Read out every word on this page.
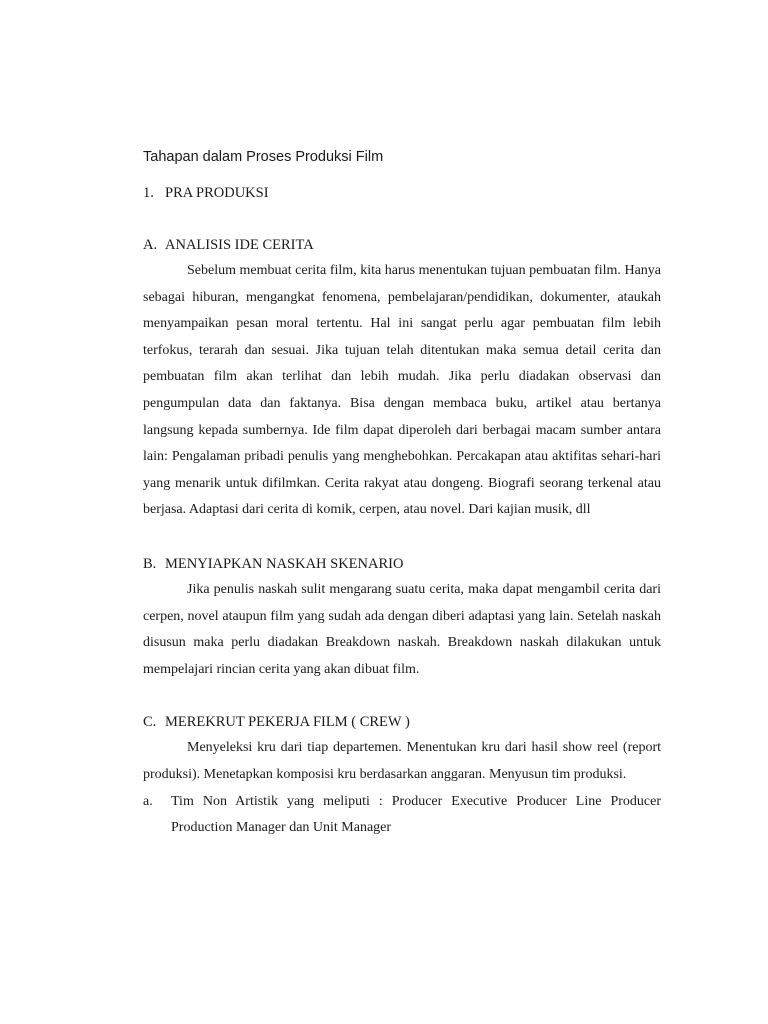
Tahapan dalam Proses Produksi Film
1. PRA PRODUKSI
A. ANALISIS IDE CERITA

Sebelum membuat cerita film, kita harus menentukan tujuan pembuatan film. Hanya sebagai hiburan, mengangkat fenomena, pembelajaran/pendidikan, dokumenter, ataukah menyampaikan pesan moral tertentu. Hal ini sangat perlu agar pembuatan film lebih terfokus, terarah dan sesuai. Jika tujuan telah ditentukan maka semua detail cerita dan pembuatan film akan terlihat dan lebih mudah. Jika perlu diadakan observasi dan pengumpulan data dan faktanya. Bisa dengan membaca buku, artikel atau bertanya langsung kepada sumbernya. Ide film dapat diperoleh dari berbagai macam sumber antara lain: Pengalaman pribadi penulis yang menghebohkan. Percakapan atau aktifitas sehari-hari yang menarik untuk difilmkan. Cerita rakyat atau dongeng. Biografi seorang terkenal atau berjasa. Adaptasi dari cerita di komik, cerpen, atau novel. Dari kajian musik, dll

B. MENYIAPKAN NASKAH SKENARIO

Jika penulis naskah sulit mengarang suatu cerita, maka dapat mengambil cerita dari cerpen, novel ataupun film yang sudah ada dengan diberi adaptasi yang lain. Setelah naskah disusun maka perlu diadakan Breakdown naskah. Breakdown naskah dilakukan untuk mempelajari rincian cerita yang akan dibuat film.

C. MEREKRUT PEKERJA FILM ( CREW )

Menyeleksi kru dari tiap departemen. Menentukan kru dari hasil show reel (report produksi). Menetapkan komposisi kru berdasarkan anggaran. Menyusun tim produksi.

a.	Tim Non Artistik yang meliputi : Producer Executive Producer Line Producer Production Manager dan Unit Manager
